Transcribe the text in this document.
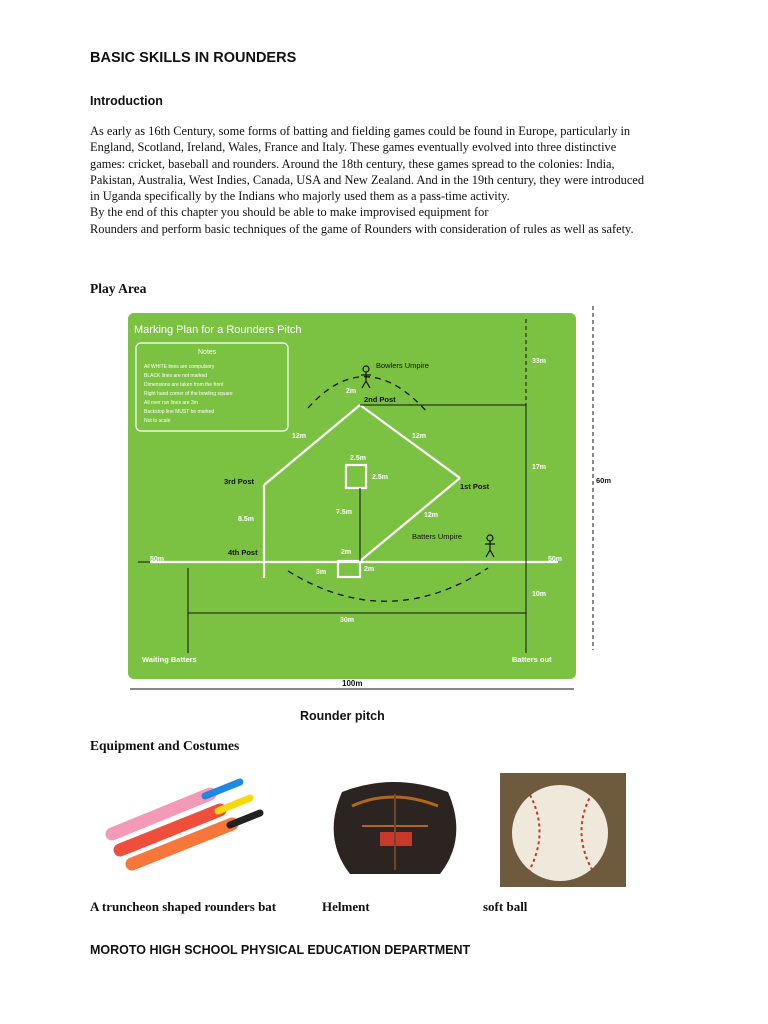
BASIC SKILLS IN ROUNDERS
Introduction

As early as 16th Century, some forms of batting and fielding games could be found in Europe, particularly in England, Scotland, Ireland, Wales, France and Italy. These games eventually evolved into three distinctive games: cricket, baseball and rounders. Around the 18th century, these games spread to the colonies: India, Pakistan, Australia, West Indies, Canada, USA and New Zealand. And in the 19th century, they were introduced in Uganda specifically by the Indians who majorly used them as a pass-time activity.

By the end of this chapter you should be able to make improvised equipment for

Rounders and perform basic techniques of the game of Rounders with consideration of rules as well as safety.

Play Area
Marking Plan for a Rounders Pitch
Notes
All WHITE lines are compulsory
BLACK lines are not marked
Dimensions are taken from the front
Right hand corner of the bowling square
All over run lines are 3m
Backstop line MUST be marked
Not to scale
Bowlers Umpire
2nd Post
3rd Post
1st Post
4th Post
Batters Umpire
Waiting Batters	Batters out
2m
12m	12m
2.5m
2.5m
8.5m
7.5m	12m
2m
3m	2m
50m	50m
33m
17m
10m
30m
60m
100m
Rounder pitch
Equipment and Costumes
A truncheon shaped rounders bat	Helment	soft ball
MOROTO HIGH SCHOOL PHYSICAL EDUCATION DEPARTMENT
